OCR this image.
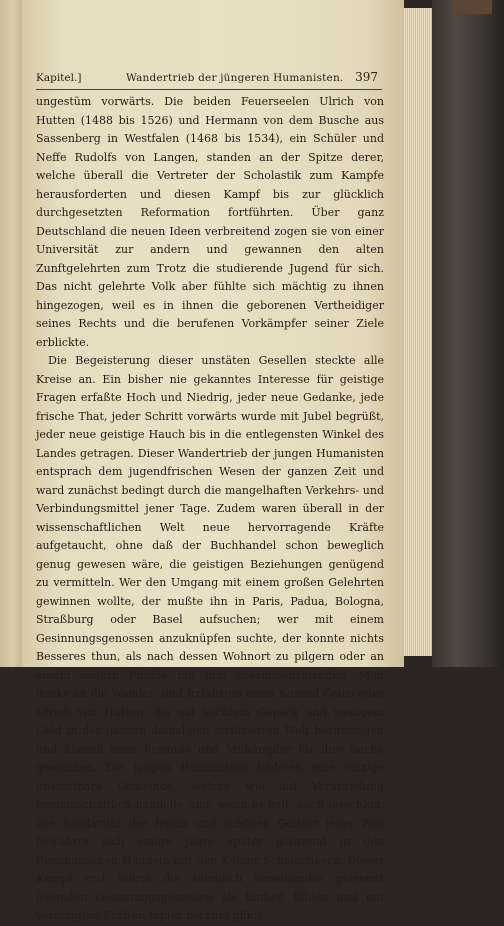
Kapitel.]	Wandertrieb der jüngeren Humanisten. 397

ungestüm vorwärts. Die beiden Feuerseelen Ulrich von Hutten (1488 bis 1526) und Hermann von dem Busche aus Sassenberg in Westfalen (1468 bis 1534), ein Schüler und Neffe Rudolfs von Langen, standen an der Spitze derer, welche überall die Vertreter der Scholastik zum Kampfe herausforderten und diesen Kampf bis zur glücklich durchgesetzten Reformation fortführten. Über ganz Deutschland die neuen Ideen verbreitend zogen sie von einer Universität zur andern und gewannen den alten Zunftgelehrten zum Trotz die studierende Jugend für sich. Das nicht gelehrte Volk aber fühlte sich mächtig zu ihnen hingezogen, weil es in ihnen die geborenen Vertheidiger seines Rechts und die berufenen Vorkämpfer seiner Ziele erblickte.

Die Begeisterung dieser unstäten Gesellen steckte alle Kreise an. Ein bisher nie gekanntes Interesse für geistige Fragen erfaßte Hoch und Niedrig, jeder neue Gedanke, jede frische That, jeder Schritt vorwärts wurde mit Jubel begrüßt, jeder neue geistige Hauch bis in die entlegensten Winkel des Landes getragen. Dieser Wandertrieb der jungen Humanisten entsprach dem jugendfrischen Wesen der ganzen Zeit und ward zunächst bedingt durch die mangelhaften Verkehrs- und Verbindungsmittel jener Tage. Zudem waren überall in der wissenschaftlichen Welt neue hervorragende Kräfte aufgetaucht, ohne daß der Buchhandel schon beweglich genug gewesen wäre, die geistigen Beziehungen genügend zu vermitteln. Wer den Umgang mit einem großen Gelehrten gewinnen wollte, der mußte ihn in Paris, Padua, Bologna, Straßburg oder Basel aufsuchen; wer mit einem Gesinnungsgenossen anzuknüpfen suchte, der konnte nichts Besseres thun, als nach dessen Wohnort zu pilgern oder an einem andern Punkte mit ihm zusammenzutreffen. Man denke an die Wander- und Irrfahrten eines Konrad Celtis oder Ulrich von Hutten, die mit leichtem Gepäck und wenigem Geld in der ganzen damaligen civilisierten Welt herumzogen und überall neue Freunde und Mitkämpfer für ihre Sache gewannen. Die jungen Humanisten bildeten eine einzige unsichtbare Gemeinde, welche wie auf Verabredung gemeinschaftlich handelte und, wenn es galt, auch losschlug. Die Solidarität der freien und schönen Geister jener Zeit bewährte sich einige Jahre später glänzend in den Reuchlinschen Händeln mit den Kölner Scholastikern. Dieser Kampf erst lehrte die räumlich voneinander getrennt lebenden Gesinnungsgenossen als Einheit fühlen und mit vereinigten Kräften tapfer bis zum glück-
